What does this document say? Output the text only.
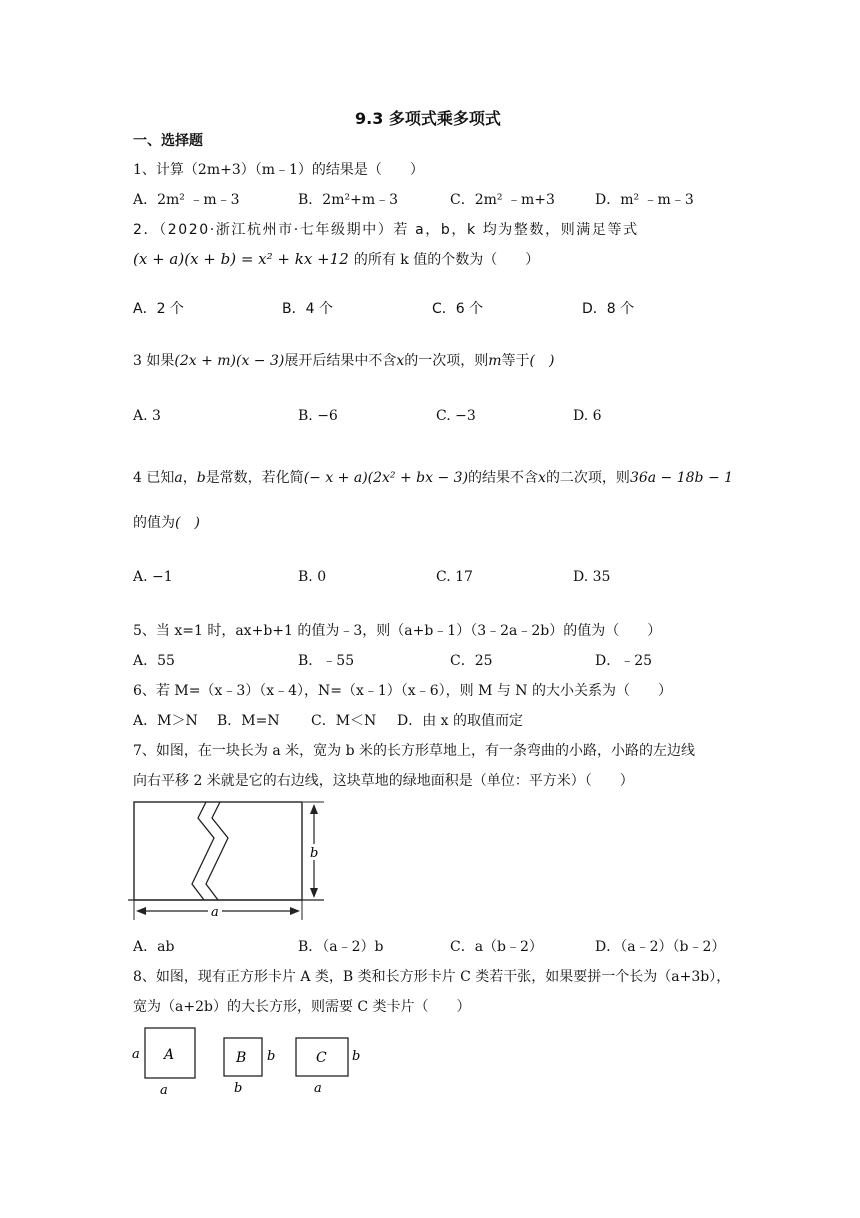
9.3 多项式乘多项式
一、选择题
1、计算（2m+3）（m﹣1）的结果是（　　）
A．2m² ﹣m﹣3	B．2m²+m﹣3	C．2m² ﹣m+3	D．m² ﹣m﹣3
2．（2020·浙江杭州市·七年级期中）若 a，b，k 均为整数，则满足等式
(x + a)(x + b) = x² + kx +12 的所有 k 值的个数为（　　）
A．2 个	B．4 个	C．6 个	D．8 个
3 如果(2x + m)(x − 3)展开后结果中不含x的一次项，则m等于(　)
A. 3	B. −6	C. −3	D. 6
4 已知a，b是常数，若化简(− x + a)(2x² + bx − 3)的结果不含x的二次项，则36a − 18b − 1
的值为(　)
A. −1	B. 0	C. 17	D. 35
5、当 x=1 时，ax+b+1 的值为﹣3，则（a+b﹣1）（3﹣2a﹣2b）的值为（　　）
A．55	B．﹣55	C．25	D．﹣25
6、若 M=（x﹣3）（x﹣4），N=（x﹣1）（x﹣6），则 M 与 N 的大小关系为（　　）
A．M＞N B．M=N C．M＜N D．由 x 的取值而定
7、如图，在一块长为 a 米，宽为 b 米的长方形草地上，有一条弯曲的小路，小路的左边线
向右平移 2 米就是它的右边线，这块草地的绿地面积是（单位：平方米）（　　）
a
b
A．ab	B．（a﹣2）b	C．a（b﹣2）	D．（a﹣2）（b﹣2）
8、如图，现有正方形卡片 A 类，B 类和长方形卡片 C 类若干张，如果要拼一个长为（a+3b），
宽为（a+2b）的大长方形，则需要 C 类卡片（　　）
A
a
a
B b
b
C b
a
